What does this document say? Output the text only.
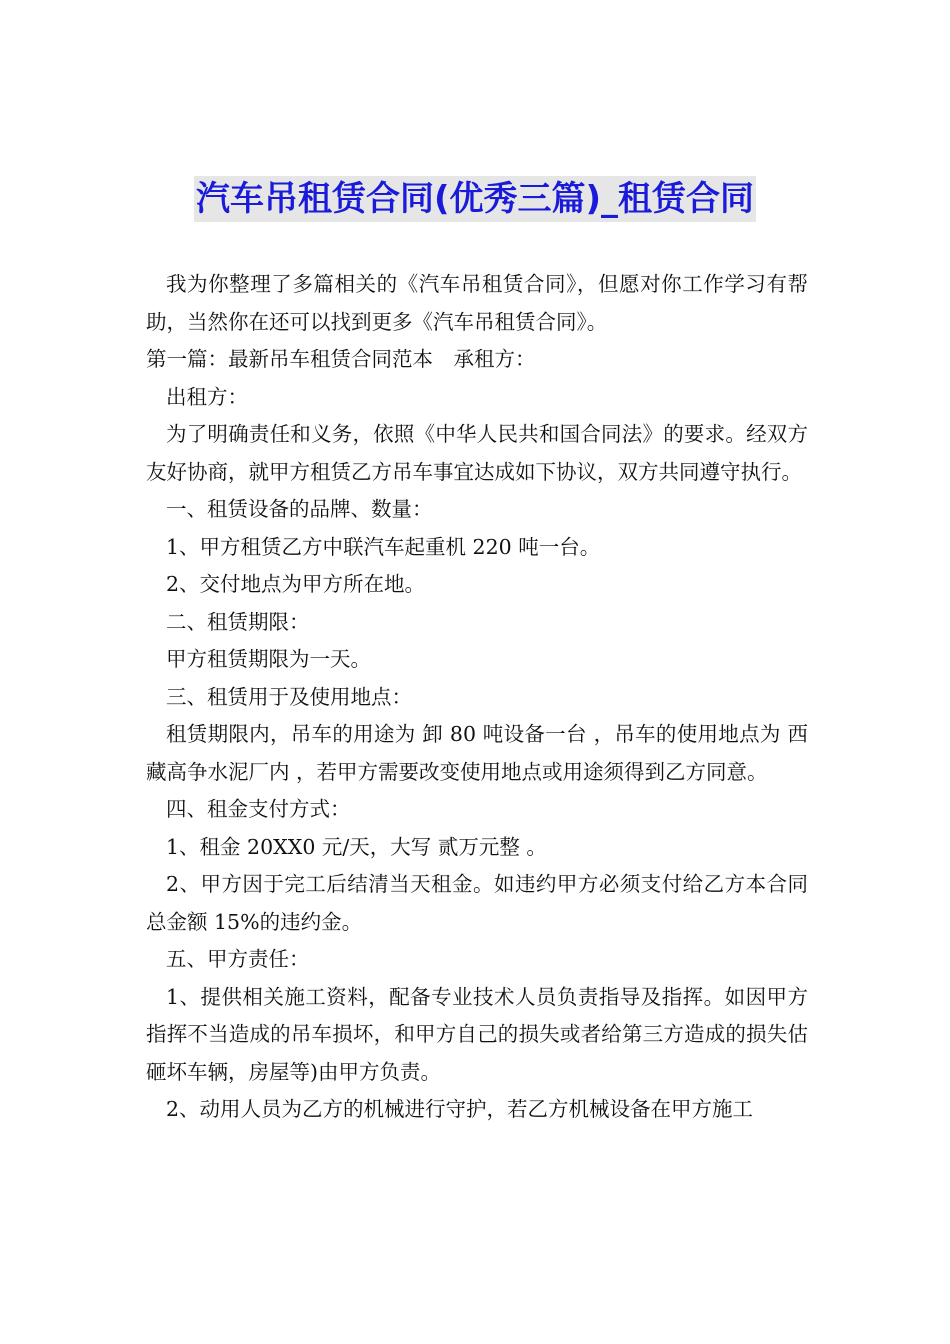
汽车吊租赁合同(优秀三篇)_租赁合同

我为你整理了多篇相关的《汽车吊租赁合同》，但愿对你工作学习有帮助，当然你在还可以找到更多《汽车吊租赁合同》。

第一篇：最新吊车租赁合同范本　承租方：

出租方：

为了明确责任和义务，依照《中华人民共和国合同法》的要求。经双方友好协商，就甲方租赁乙方吊车事宜达成如下协议，双方共同遵守执行。

一、租赁设备的品牌、数量：

1、甲方租赁乙方中联汽车起重机 220 吨一台。

2、交付地点为甲方所在地。

二、租赁期限：

甲方租赁期限为一天。

三、租赁用于及使用地点：

租赁期限内，吊车的用途为 卸 80 吨设备一台 ，吊车的使用地点为 西藏高争水泥厂内 ，若甲方需要改变使用地点或用途须得到乙方同意。

四、租金支付方式：

1、租金 20XX0 元/天，大写 贰万元整 。

2、甲方因于完工后结清当天租金。如违约甲方必须支付给乙方本合同总金额 15%的违约金。

五、甲方责任：

1、提供相关施工资料，配备专业技术人员负责指导及指挥。如因甲方指挥不当造成的吊车损坏，和甲方自己的损失或者给第三方造成的损失估砸坏车辆，房屋等)由甲方负责。

2、动用人员为乙方的机械进行守护，若乙方机械设备在甲方施工
